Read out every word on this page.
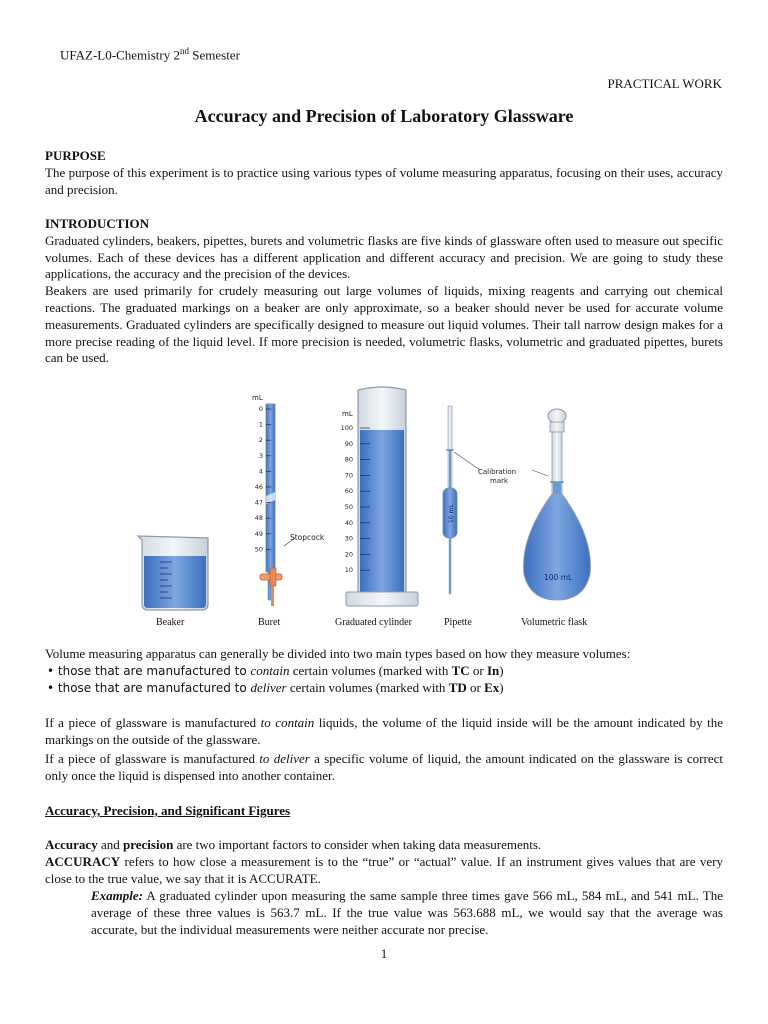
UFAZ-L0-Chemistry 2nd Semester
PRACTICAL WORK
Accuracy and Precision of Laboratory Glassware
PURPOSE
The purpose of this experiment is to practice using various types of volume measuring apparatus, focusing on their uses, accuracy and precision.
INTRODUCTION
Graduated cylinders, beakers, pipettes, burets and volumetric flasks are five kinds of glassware often used to measure out specific volumes. Each of these devices has a different application and different accuracy and precision. We are going to study these applications, the accuracy and the precision of the devices.
Beakers are used primarily for crudely measuring out large volumes of liquids, mixing reagents and carrying out chemical reactions. The graduated markings on a beaker are only approximate, so a beaker should never be used for accurate volume measurements. Graduated cylinders are specifically designed to measure out liquid volumes. Their tall narrow design makes for a more precise reading of the liquid level. If more precision is needed, volumetric flasks, volumetric and graduated pipettes, burets can be used.
mL
Stopcock
0
1
2
3
4
46
47
48
49
50
mL
100
90
80
70
60
50
40
30
20
10
10 mL
Calibration
mark
100 mL
Beaker	Buret	Graduated cylinder	Pipette	Volumetric flask
Volume measuring apparatus can generally be divided into two main types based on how they measure volumes:
• those that are manufactured to contain certain volumes (marked with TC or In)
• those that are manufactured to deliver certain volumes (marked with TD or Ex)
If a piece of glassware is manufactured to contain liquids, the volume of the liquid inside will be the amount indicated by the markings on the outside of the glassware.
If a piece of glassware is manufactured to deliver a specific volume of liquid, the amount indicated on the glassware is correct only once the liquid is dispensed into another container.
Accuracy, Precision, and Significant Figures
Accuracy and precision are two important factors to consider when taking data measurements.
ACCURACY refers to how close a measurement is to the “true” or “actual” value. If an instrument gives values that are very close to the true value, we say that it is ACCURATE.
Example: A graduated cylinder upon measuring the same sample three times gave 566 mL, 584 mL, and 541 mL. The average of these three values is 563.7 mL. If the true value was 563.688 mL, we would say that the average was accurate, but the individual measurements were neither accurate nor precise.
1
